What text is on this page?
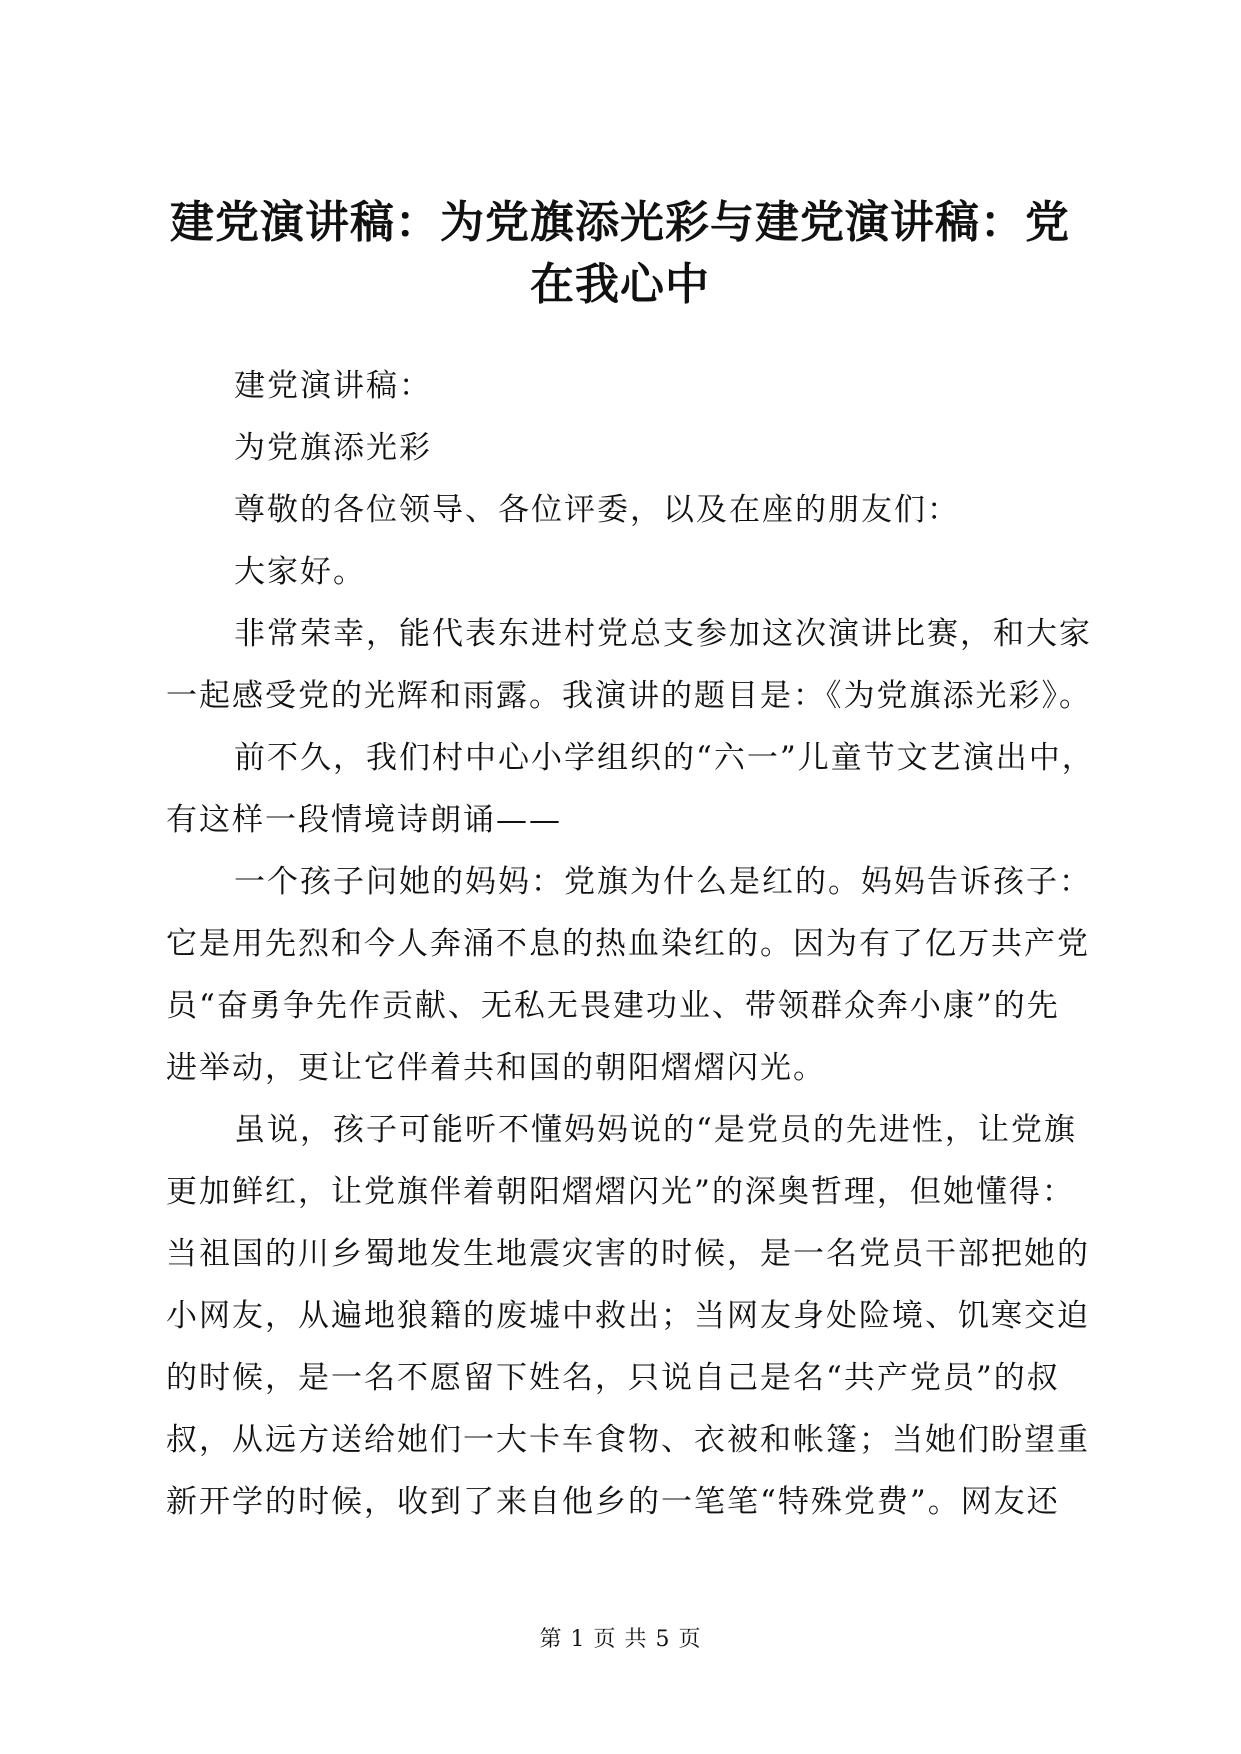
建党演讲稿：为党旗添光彩与建党演讲稿：党
在我心中
建党演讲稿：
为党旗添光彩
尊敬的各位领导、各位评委，以及在座的朋友们：
大家好。
非常荣幸，能代表东进村党总支参加这次演讲比赛，和大家
一起感受党的光辉和雨露。我演讲的题目是：《为党旗添光彩》。
前不久，我们村中心小学组织的“六一”儿童节文艺演出中，
有这样一段情境诗朗诵——
一个孩子问她的妈妈：党旗为什么是红的。妈妈告诉孩子：
它是用先烈和今人奔涌不息的热血染红的。因为有了亿万共产党
员“奋勇争先作贡献、无私无畏建功业、带领群众奔小康”的先
进举动，更让它伴着共和国的朝阳熠熠闪光。
虽说，孩子可能听不懂妈妈说的“是党员的先进性，让党旗
更加鲜红，让党旗伴着朝阳熠熠闪光”的深奥哲理，但她懂得：
当祖国的川乡蜀地发生地震灾害的时候，是一名党员干部把她的
小网友，从遍地狼籍的废墟中救出；当网友身处险境、饥寒交迫
的时候，是一名不愿留下姓名，只说自己是名“共产党员”的叔
叔，从远方送给她们一大卡车食物、衣被和帐篷；当她们盼望重
新开学的时候，收到了来自他乡的一笔笔“特殊党费”。网友还
第 1 页 共 5 页
